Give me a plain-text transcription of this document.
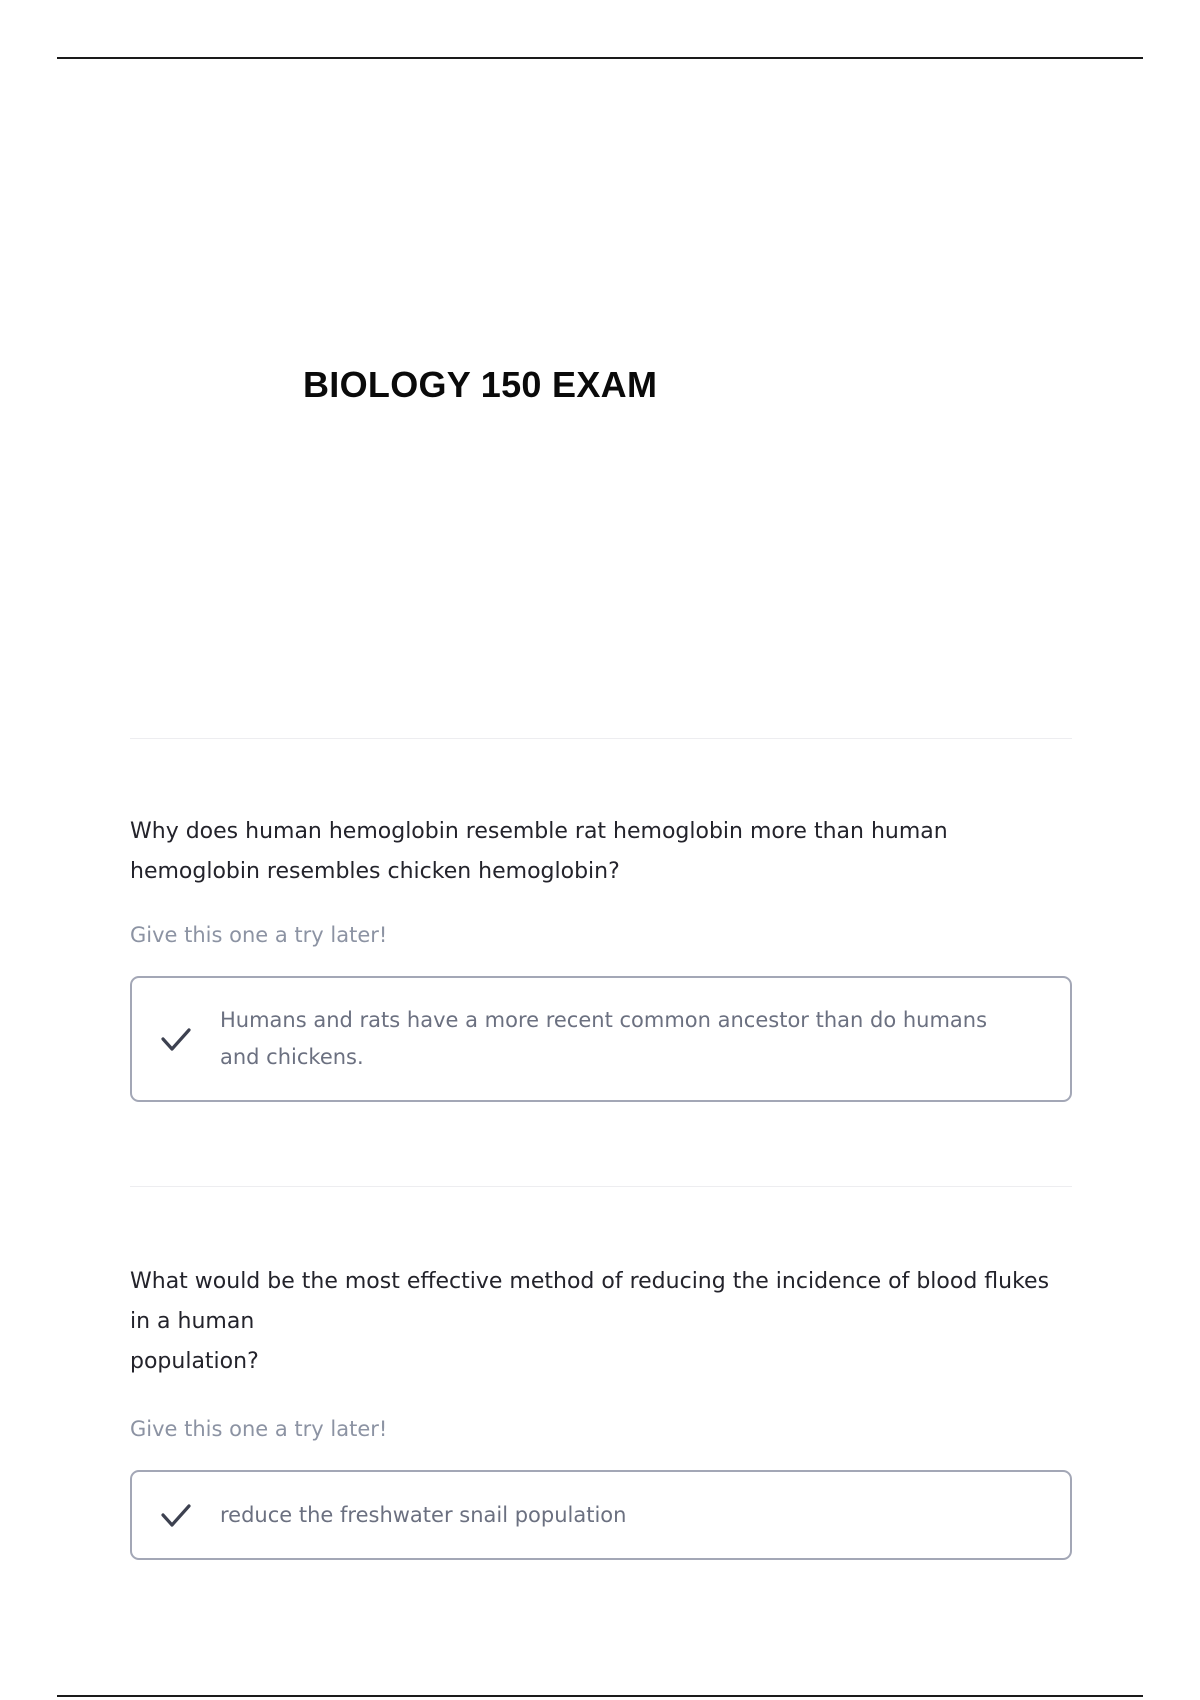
BIOLOGY 150 EXAM

Why does human hemoglobin resemble rat hemoglobin more than human
hemoglobin resembles chicken hemoglobin?

Give this one a try later!

Humans and rats have a more recent common ancestor than do humans and chickens.

What would be the most effective method of reducing the incidence of blood flukes in a human
population?

Give this one a try later!

reduce the freshwater snail population
